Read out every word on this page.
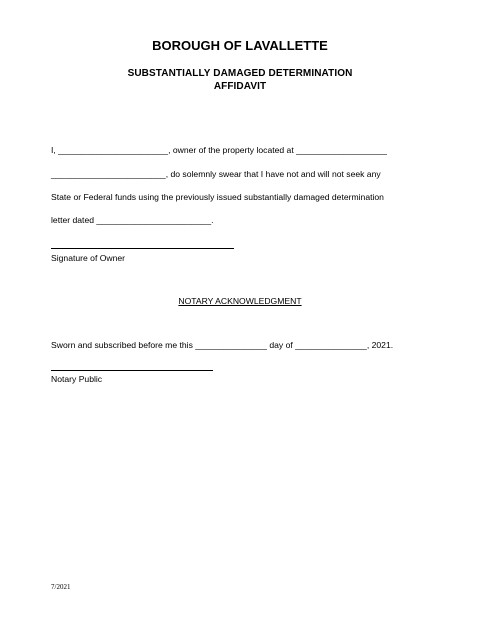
BOROUGH OF LAVALLETTE
SUBSTANTIALLY DAMAGED DETERMINATION
AFFIDAVIT
I, _______________________, owner of the property located at ___________________
________________________, do solemnly swear that I have not and will not seek any
State or Federal funds using the previously issued substantially damaged determination
letter dated ________________________.
Signature of Owner
NOTARY ACKNOWLEDGMENT
Sworn and subscribed before me this _______________ day of _______________, 2021.
Notary Public
7/2021
